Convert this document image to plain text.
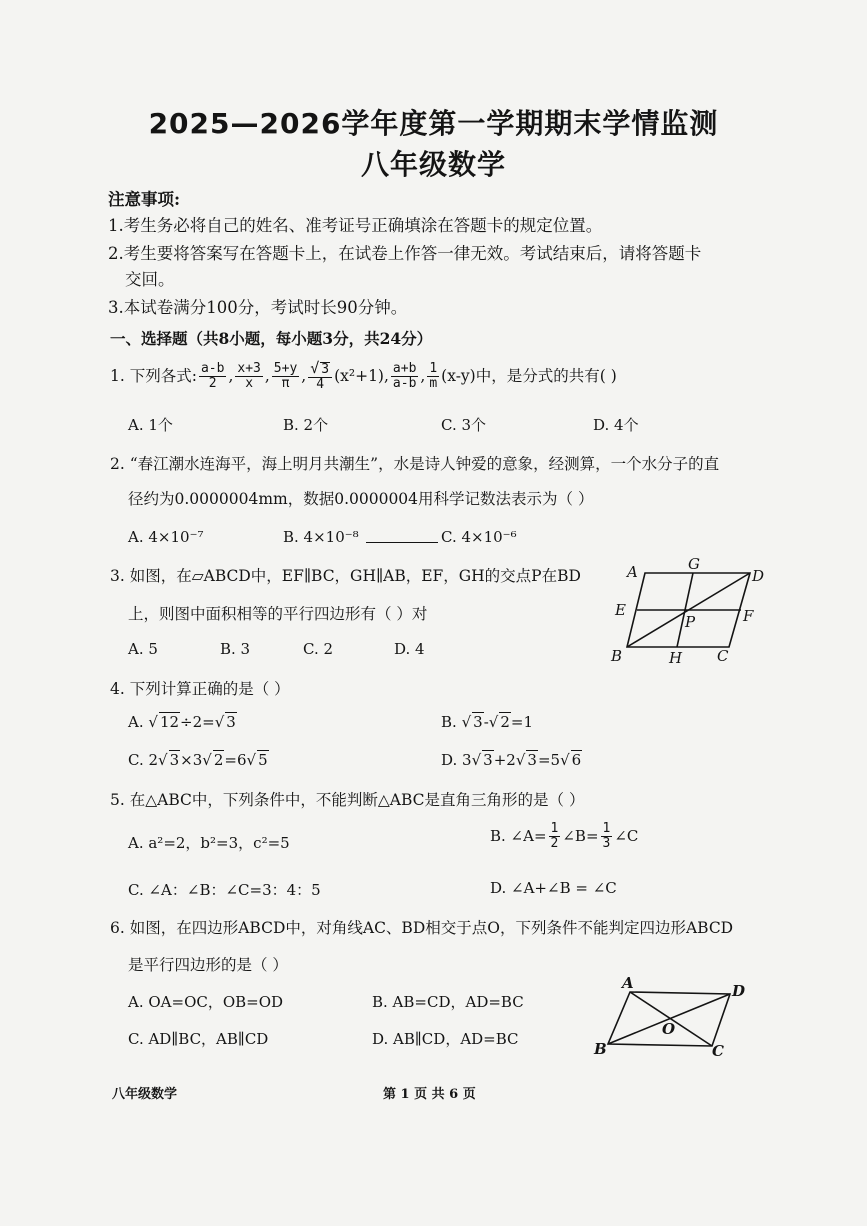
2025—2026学年度第一学期期末学情监测
八年级数学
注意事项:
1.考生务必将自己的姓名、准考证号正确填涂在答题卡的规定位置。
2.考生要将答案写在答题卡上，在试卷上作答一律无效。考试结束后，请将答题卡
交回。
3.本试卷满分100分，考试时长90分钟。
一、选择题（共8小题，每小题3分，共24分）
1. 下列各式: $\frac{a-b}{2}$ , $\frac{x+3}{x}$ , $\frac{5+y}{\pi}$ , $\frac{√ 3}{4} (x^2+1)$ , $\frac{a+b}{a-b}$ , $\frac{1}{m} (x-y)$ 中，是分式的共有( )
A. 1个	B. 2个	C. 3个	D. 4个
2. “春江潮水连海平，海上明月共潮生”，水是诗人钟爱的意象，经测算，一个水分子的直
径约为0.0000004mm，数据0.0000004用科学记数法表示为（ ）
A. 4×10⁻⁷	B. 4×10⁻⁸	C. 4×10⁻⁶
3. 如图，在▱ABCD中，EF∥BC，GH∥AB，EF，GH的交点P在BD
上，则图中面积相等的平行四边形有（ ）对
A. 5	B. 3	C. 2	D. 4
A	G
D
E	F
P
B	H C
4. 下列计算正确的是（ ）
A. √ 12÷2=√ 3	B. √ 3-√ 2=1
C. 2√ 3×3√ 2=6√ 5	D. 3√ 3+2√ 3=5√ 6
5. 在△ABC中，下列条件中，不能判断△ABC是直角三角形的是（ ）
A. a²=2，b²=3，c²=5	B. ∠A= $\frac{1}{2}$ ∠B= $\frac{1}{3}$ ∠C
C. ∠A：∠B：∠C=3：4：5	D. ∠A+∠B = ∠C
6. 如图，在四边形ABCD中，对角线AC、BD相交于点O，下列条件不能判定四边形ABCD
是平行四边形的是（ ）
A. OA=OC，OB=OD	B. AB=CD，AD=BC
C. AD∥BC，AB∥CD	D. AB∥CD，AD=BC
A	D
O
B	C
八年级数学	第 1 页 共 6 页
